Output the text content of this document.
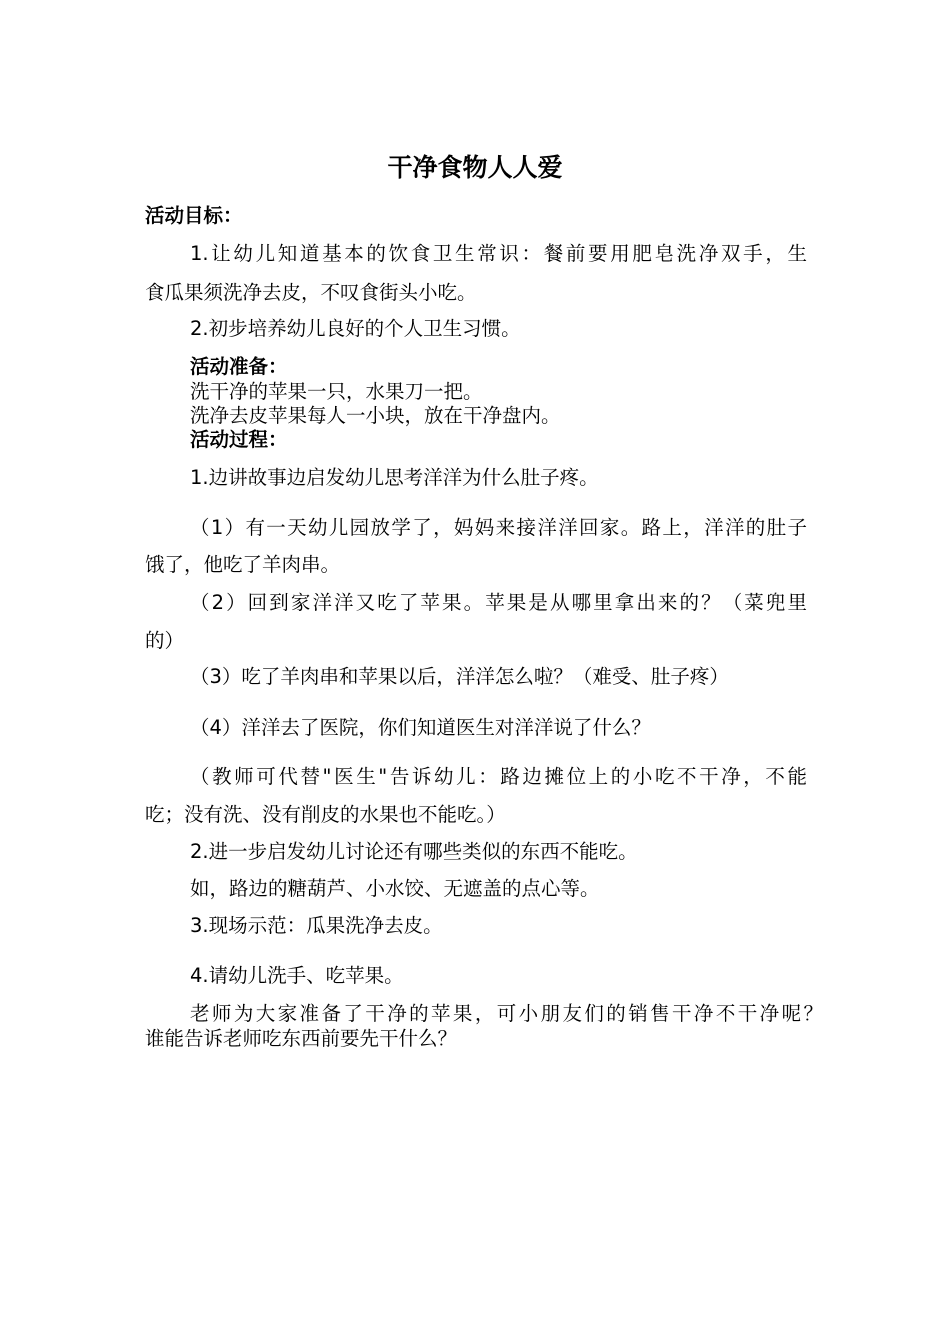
干净食物人人爱
活动目标：
1.让幼儿知道基本的饮食卫生常识：餐前要用肥皂洗净双手，生
食瓜果须洗净去皮，不叹食街头小吃。
2.初步培养幼儿良好的个人卫生习惯。
活动准备：
洗干净的苹果一只，水果刀一把。
洗净去皮苹果每人一小块，放在干净盘内。
活动过程：
1.边讲故事边启发幼儿思考洋洋为什么肚子疼。
（1）有一天幼儿园放学了，妈妈来接洋洋回家。路上，洋洋的肚子
饿了，他吃了羊肉串。
（2）回到家洋洋又吃了苹果。苹果是从哪里拿出来的？（菜兜里
的）
（3）吃了羊肉串和苹果以后，洋洋怎么啦？（难受、肚子疼）
（4）洋洋去了医院，你们知道医生对洋洋说了什么？
（教师可代替"医生"告诉幼儿：路边摊位上的小吃不干净，不能
吃；没有洗、没有削皮的水果也不能吃。）
2.进一步启发幼儿讨论还有哪些类似的东西不能吃。
如，路边的糖葫芦、小水饺、无遮盖的点心等。
3.现场示范：瓜果洗净去皮。
4.请幼儿洗手、吃苹果。
老师为大家准备了干净的苹果，可小朋友们的销售干净不干净呢？
谁能告诉老师吃东西前要先干什么？
